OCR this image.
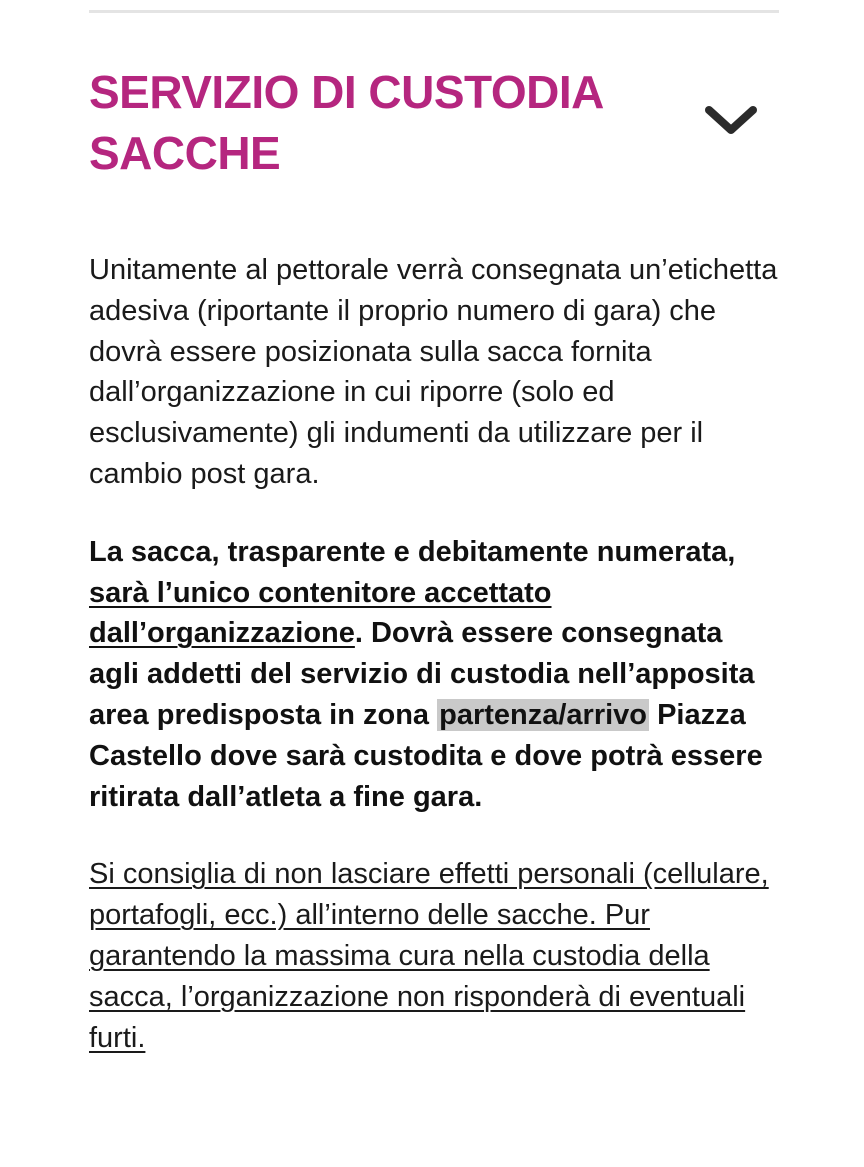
SERVIZIO DI CUSTODIA SACCHE

Unitamente al pettorale verrà consegnata un’etichetta adesiva (riportante il proprio numero di gara) che dovrà essere posizionata sulla sacca fornita dall’organizzazione in cui riporre (solo ed esclusivamente) gli indumenti da utilizzare per il cambio post gara.

La sacca, trasparente e debitamente numerata, sarà l’unico contenitore accettato dall’organizzazione. Dovrà essere consegnata agli addetti del servizio di custodia nell’apposita area predisposta in zona partenza/arrivo Piazza Castello dove sarà custodita e dove potrà essere ritirata dall’atleta a fine gara.

Si consiglia di non lasciare effetti personali (cellulare, portafogli, ecc.) all’interno delle sacche. Pur garantendo la massima cura nella custodia della sacca, l’organizzazione non risponderà di eventuali furti.
